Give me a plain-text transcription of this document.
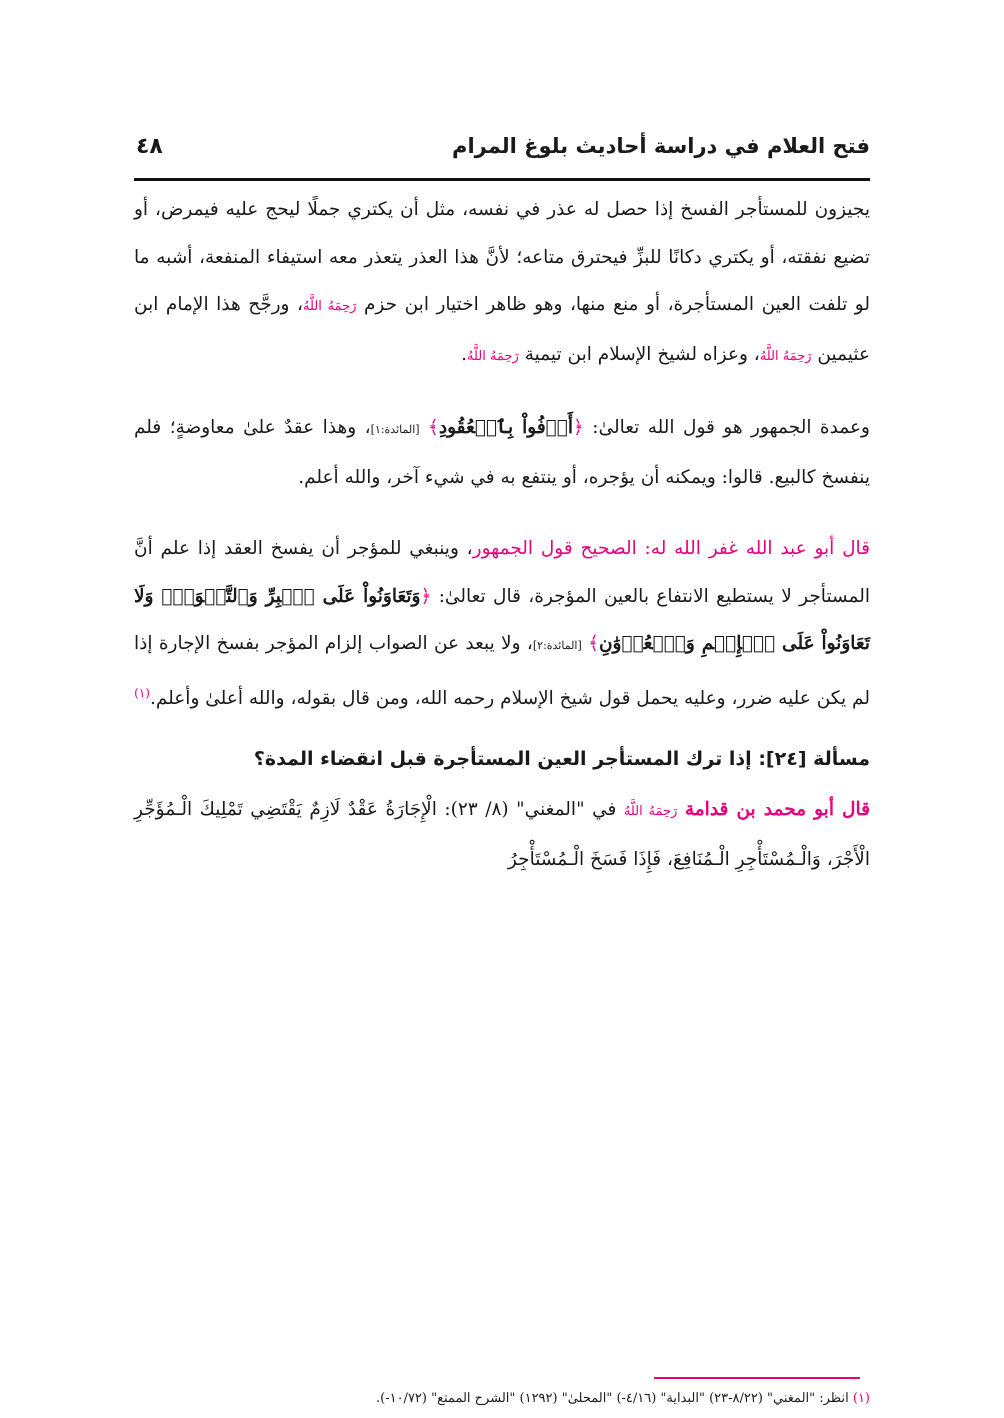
فتح العلام في دراسة أحاديث بلوغ المرام
٤٨

يجيزون للمستأجر الفسخ إذا حصل له عذر في نفسه، مثل أن يكتري جملًا ليحج عليه فيمرض، أو تضيع نفقته، أو يكتري دكانًا للبزِّ فيحترق متاعه؛ لأنَّ هذا العذر يتعذر معه استيفاء المنفعة، أشبه ما لو تلفت العين المستأجرة، أو منع منها، وهو ظاهر اختيار ابن حزم رَحِمَهُ اللَّهُ، ورجَّح هذا الإمام ابن عثيمين رَحِمَهُ اللَّهُ، وعزاه لشيخ الإسلام ابن تيمية رَحِمَهُ اللَّهُ.

وعمدة الجمهور هو قول الله تعالىٰ: ﴿أَوۡفُواْ بِٱلۡعُقُودِ﴾ [المائدة:١]، وهذا عقدٌ علىٰ معاوضةٍ؛ فلم ينفسخ كالبيع. قالوا: ويمكنه أن يؤجره، أو ينتفع به في شيء آخر، والله أعلم.

قال أبو عبد الله غفر الله له: الصحيح قول الجمهور، وينبغي للمؤجر أن يفسخ العقد إذا علم أنَّ المستأجر لا يستطيع الانتفاع بالعين المؤجرة، قال تعالىٰ: ﴿وَتَعَاوَنُواْ عَلَى ٱلۡبِرِّ وَٱلتَّقۡوَىٰۖ وَلَا تَعَاوَنُواْ عَلَى ٱلۡإِثۡمِ وَٱلۡعُدۡوَٰنِ﴾ [المائدة:٢]، ولا يبعد عن الصواب إلزام المؤجر بفسخ الإجارة إذا لم يكن عليه ضرر، وعليه يحمل قول شيخ الإسلام رحمه الله، ومن قال بقوله، والله أعلىٰ وأعلم.$^{(١)}$

مسألة [٢٤]: إذا ترك المستأجر العين المستأجرة قبل انقضاء المدة؟

قال أبو محمد بن قدامة رَحِمَهُ اللَّهُ في "المغني" (٨/ ٢٣): الْإِجَارَةُ عَقْدٌ لَازِمٌ يَقْتَضِي تَمْلِيكَ الْـمُؤَجِّرِ الْأَجْرَ، وَالْـمُسْتَأْجِرِ الْـمُنَافِعَ، فَإِذَا فَسَخَ الْـمُسْتَأْجِرُ

(١) انظر: "المغني" (٨/٢٢-٢٣) "البداية" (٤/١٦-) "المحلىٰ" (١٢٩٢) "الشرح الممتع" (١٠/٧٢-).
